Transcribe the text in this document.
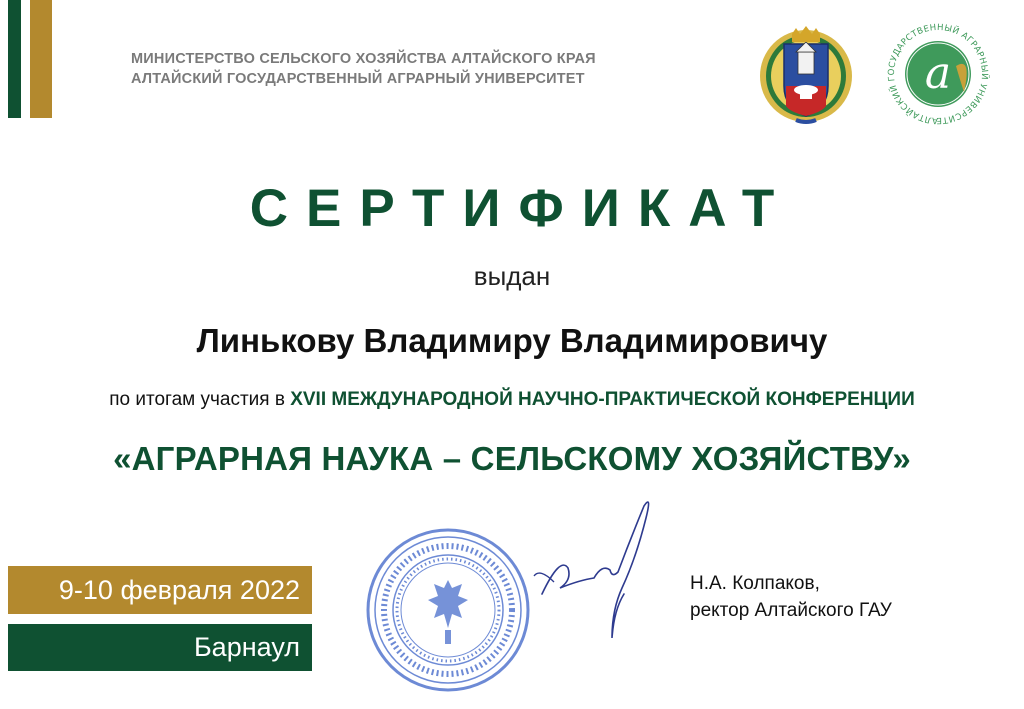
МИНИСТЕРСТВО СЕЛЬСКОГО ХОЗЯЙСТВА АЛТАЙСКОГО КРАЯ
АЛТАЙСКИЙ ГОСУДАРСТВЕННЫЙ АГРАРНЫЙ УНИВЕРСИТЕТ	a
АЛТАЙСКИЙ ГОСУДАРСТВЕННЫЙ АГРАРНЫЙ УНИВЕРСИТЕ
СЕРТИФИКАТ
выдан
Линькову Владимиру Владимировичу
по итогам участия в XVII МЕЖДУНАРОДНОЙ НАУЧНО-ПРАКТИЧЕСКОЙ КОНФЕРЕНЦИИ
«АГРАРНАЯ НАУКА – СЕЛЬСКОМУ ХОЗЯЙСТВУ»
9-10 февраля 2022
Барнаул
Н.А. Колпаков,
ректор Алтайского ГАУ
